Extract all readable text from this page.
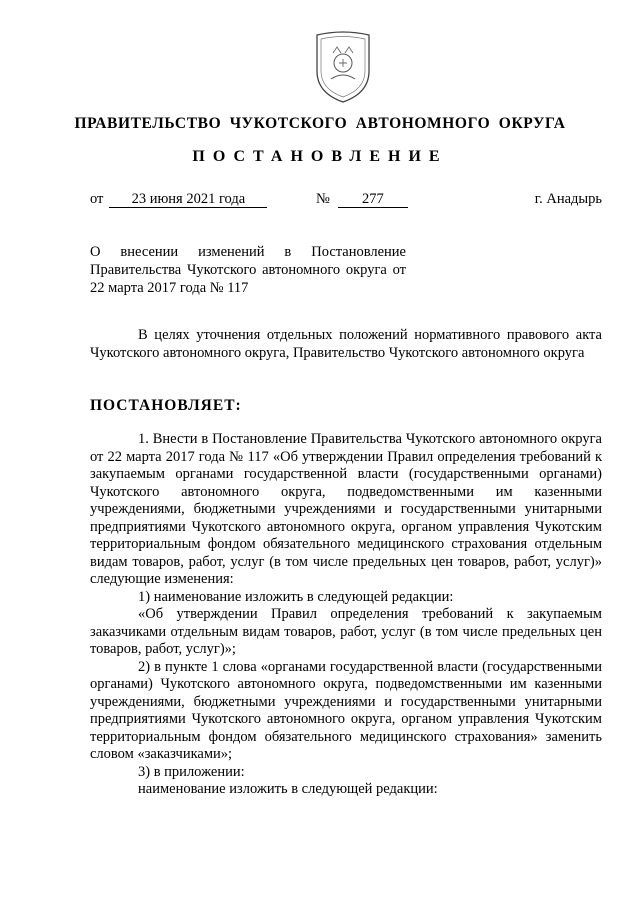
ПРАВИТЕЛЬСТВО ЧУКОТСКОГО АВТОНОМНОГО ОКРУГА
ПОСТАНОВЛЕНИЕ
от 23 июня 2021 года	№ 277	г. Анадырь
О внесении изменений в Постановление Правительства Чукотского автономного округа от 22 марта 2017 года № 117
В целях уточнения отдельных положений нормативного правового акта Чукотского автономного округа, Правительство Чукотского автономного округа
ПОСТАНОВЛЯЕТ:

1. Внести в Постановление Правительства Чукотского автономного округа от 22 марта 2017 года № 117 «Об утверждении Правил определения требований к закупаемым органами государственной власти (государственными органами) Чукотского автономного округа, подведомственными им казенными учреждениями, бюджетными учреждениями и государственными унитарными предприятиями Чукотского автономного округа, органом управления Чукотским территориальным фондом обязательного медицинского страхования отдельным видам товаров, работ, услуг (в том числе предельных цен товаров, работ, услуг)» следующие изменения:

1) наименование изложить в следующей редакции:

«Об утверждении Правил определения требований к закупаемым заказчиками отдельным видам товаров, работ, услуг (в том числе предельных цен товаров, работ, услуг)»;

2) в пункте 1 слова «органами государственной власти (государственными органами) Чукотского автономного округа, подведомственными им казенными учреждениями, бюджетными учреждениями и государственными унитарными предприятиями Чукотского автономного округа, органом управления Чукотским территориальным фондом обязательного медицинского страхования» заменить словом «заказчиками»;

3) в приложении:

наименование изложить в следующей редакции:
